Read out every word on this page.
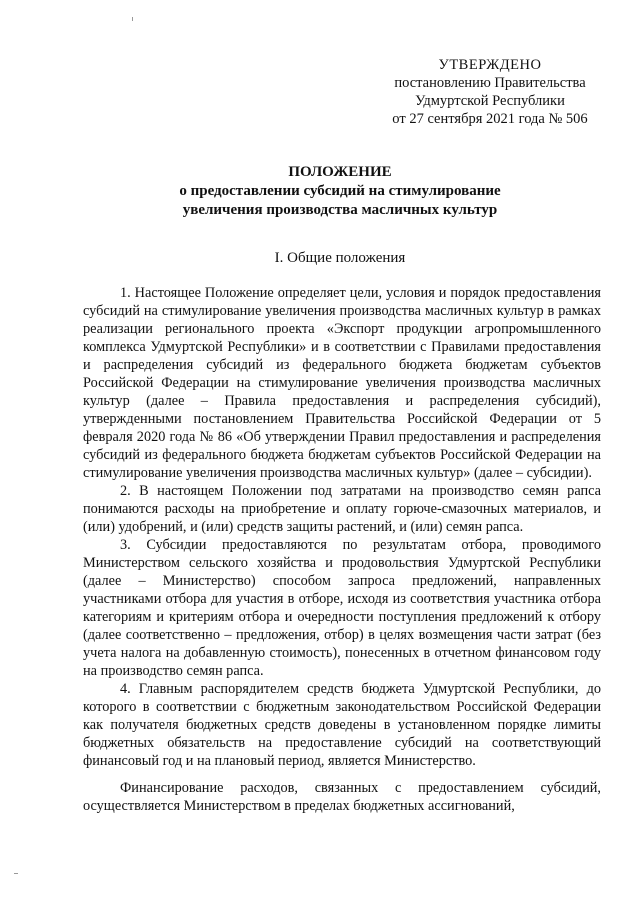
УТВЕРЖДЕНО
постановлению Правительства
Удмуртской Республики
от 27 сентября 2021 года № 506
ПОЛОЖЕНИЕ
о предоставлении субсидий на стимулирование
увеличения производства масличных культур
I. Общие положения

1. Настоящее Положение определяет цели, условия и порядок предоставления субсидий на стимулирование увеличения производства масличных культур в рамках реализации регионального проекта «Экспорт продукции агропромышленного комплекса Удмуртской Республики» и в соответствии с Правилами предоставления и распределения субсидий из федерального бюджета бюджетам субъектов Российской Федерации на стимулирование увеличения производства масличных культур (далее – Правила предоставления и распределения субсидий), утвержденными постановлением Правительства Российской Федерации от 5 февраля 2020 года № 86 «Об утверждении Правил предоставления и распределения субсидий из федерального бюджета бюджетам субъектов Российской Федерации на стимулирование увеличения производства масличных культур» (далее – субсидии).

2. В настоящем Положении под затратами на производство семян рапса понимаются расходы на приобретение и оплату горюче-смазочных материалов, и (или) удобрений, и (или) средств защиты растений, и (или) семян рапса.

3. Субсидии предоставляются по результатам отбора, проводимого Министерством сельского хозяйства и продовольствия Удмуртской Республики (далее – Министерство) способом запроса предложений, направленных участниками отбора для участия в отборе, исходя из соответствия участника отбора категориям и критериям отбора и очередности поступления предложений к отбору (далее соответственно – предложения, отбор) в целях возмещения части затрат (без учета налога на добавленную стоимость), понесенных в отчетном финансовом году на производство семян рапса.

4. Главным распорядителем средств бюджета Удмуртской Республики, до которого в соответствии с бюджетным законодательством Российской Федерации как получателя бюджетных средств доведены в установленном порядке лимиты бюджетных обязательств на предоставление субсидий на соответствующий финансовый год и на плановый период, является Министерство.

Финансирование расходов, связанных с предоставлением субсидий, осуществляется Министерством в пределах бюджетных ассигнований,
